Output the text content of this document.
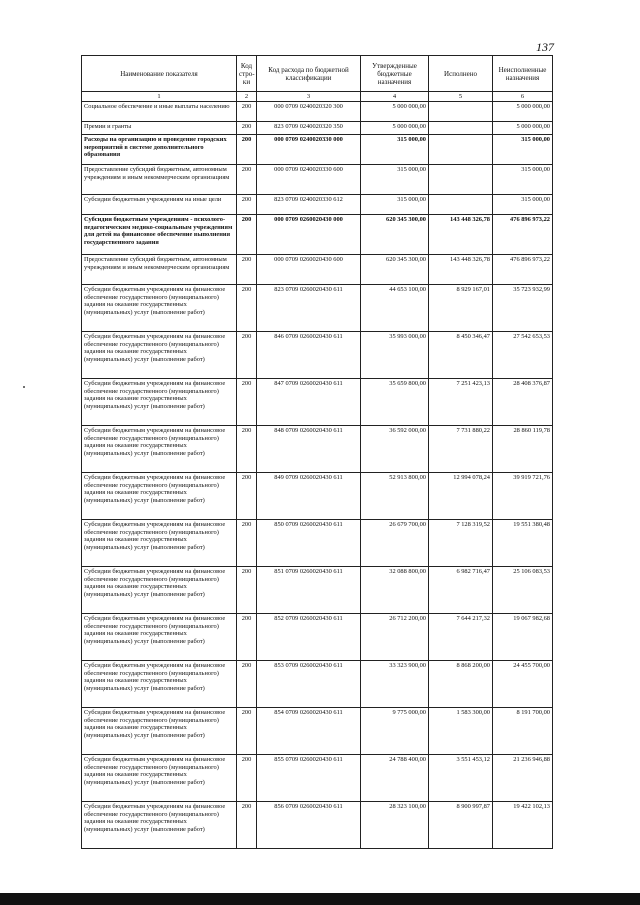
137
Наименование показателя	Код стро-ки	Код расхода по бюджетной классификации	Утвержденные бюджетные назначения	Исполнено	Неисполненные назначения
1	2	3	4	5	6
Социальное обеспечение и иные выплаты населению	200	000 0709 0240020320 300	5 000 000,00		5 000 000,00
Премии и гранты	200	823 0709 0240020320 350	5 000 000,00		5 000 000,00
Расходы на организацию и проведение городских мероприятий в системе дополнительного образования	200	000 0709 0240020330 000	315 000,00		315 000,00
Предоставление субсидий бюджетным, автономным учреждениям и иным некоммерческим организациям	200	000 0709 0240020330 600	315 000,00		315 000,00
Субсидии бюджетным учреждениям на иные цели	200	823 0709 0240020330 612	315 000,00		315 000,00
Субсидии бюджетным учреждениям - психолого-педагогическим медико-социальным учреждениям для детей на финансовое обеспечение выполнения государственного задания	200	000 0709 0260020430 000	620 345 300,00	143 448 326,78	476 896 973,22
Предоставление субсидий бюджетным, автономным учреждениям и иным некоммерческим организациям	200	000 0709 0260020430 600	620 345 300,00	143 448 326,78	476 896 973,22
Субсидии бюджетным учреждениям на финансовое обеспечение государственного (муниципального) задания на оказание государственных (муниципальных) услуг (выполнение работ)	200	823 0709 0260020430 611	44 653 100,00	8 929 167,01	35 723 932,99
Субсидии бюджетным учреждениям на финансовое обеспечение государственного (муниципального) задания на оказание государственных (муниципальных) услуг (выполнение работ)	200	846 0709 0260020430 611	35 993 000,00	8 450 346,47	27 542 653,53
Субсидии бюджетным учреждениям на финансовое обеспечение государственного (муниципального) задания на оказание государственных (муниципальных) услуг (выполнение работ)	200	847 0709 0260020430 611	35 659 800,00	7 251 423,13	28 408 376,87
Субсидии бюджетным учреждениям на финансовое обеспечение государственного (муниципального) задания на оказание государственных (муниципальных) услуг (выполнение работ)	200	848 0709 0260020430 611	36 592 000,00	7 731 880,22	28 860 119,78
Субсидии бюджетным учреждениям на финансовое обеспечение государственного (муниципального) задания на оказание государственных (муниципальных) услуг (выполнение работ)	200	849 0709 0260020430 611	52 913 800,00	12 994 078,24	39 919 721,76
Субсидии бюджетным учреждениям на финансовое обеспечение государственного (муниципального) задания на оказание государственных (муниципальных) услуг (выполнение работ)	200	850 0709 0260020430 611	26 679 700,00	7 128 319,52	19 551 380,48
Субсидии бюджетным учреждениям на финансовое обеспечение государственного (муниципального) задания на оказание государственных (муниципальных) услуг (выполнение работ)	200	851 0709 0260020430 611	32 088 800,00	6 982 716,47	25 106 083,53
Субсидии бюджетным учреждениям на финансовое обеспечение государственного (муниципального) задания на оказание государственных (муниципальных) услуг (выполнение работ)	200	852 0709 0260020430 611	26 712 200,00	7 644 217,32	19 067 982,68
Субсидии бюджетным учреждениям на финансовое обеспечение государственного (муниципального) задания на оказание государственных (муниципальных) услуг (выполнение работ)	200	853 0709 0260020430 611	33 323 900,00	8 868 200,00	24 455 700,00
Субсидии бюджетным учреждениям на финансовое обеспечение государственного (муниципального) задания на оказание государственных (муниципальных) услуг (выполнение работ)	200	854 0709 0260020430 611	9 775 000,00	1 583 300,00	8 191 700,00
Субсидии бюджетным учреждениям на финансовое обеспечение государственного (муниципального) задания на оказание государственных (муниципальных) услуг (выполнение работ)	200	855 0709 0260020430 611	24 788 400,00	3 551 453,12	21 236 946,88
Субсидии бюджетным учреждениям на финансовое обеспечение государственного (муниципального) задания на оказание государственных (муниципальных) услуг (выполнение работ)	200	856 0709 0260020430 611	28 323 100,00	8 900 997,87	19 422 102,13
